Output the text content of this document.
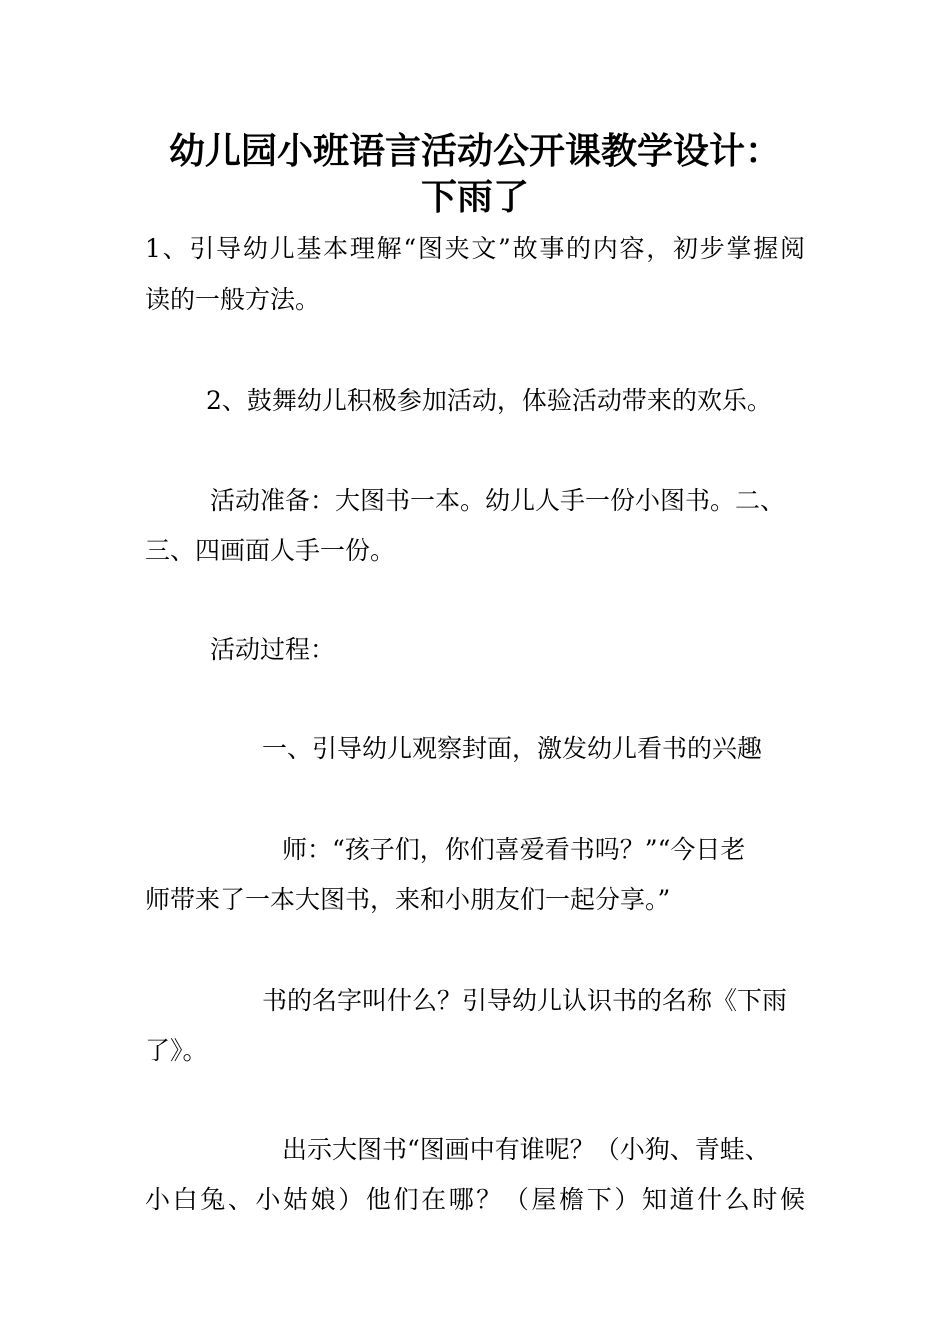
幼儿园小班语言活动公开课教学设计：
下雨了
1、引导幼儿基本理解“图夹文”故事的内容，初步掌握阅
读的一般方法。
2、鼓舞幼儿积极参加活动，体验活动带来的欢乐。
活动准备：大图书一本。幼儿人手一份小图书。二、
三、四画面人手一份。
活动过程：
一、引导幼儿观察封面，激发幼儿看书的兴趣
师：“孩子们，你们喜爱看书吗？”“今日老
师带来了一本大图书，来和小朋友们一起分享。”
书的名字叫什么？引导幼儿认识书的名称《下雨
了》。
出示大图书“图画中有谁呢？（小狗、青蛙、
小白兔、小姑娘）他们在哪？（屋檐下）知道什么时候
